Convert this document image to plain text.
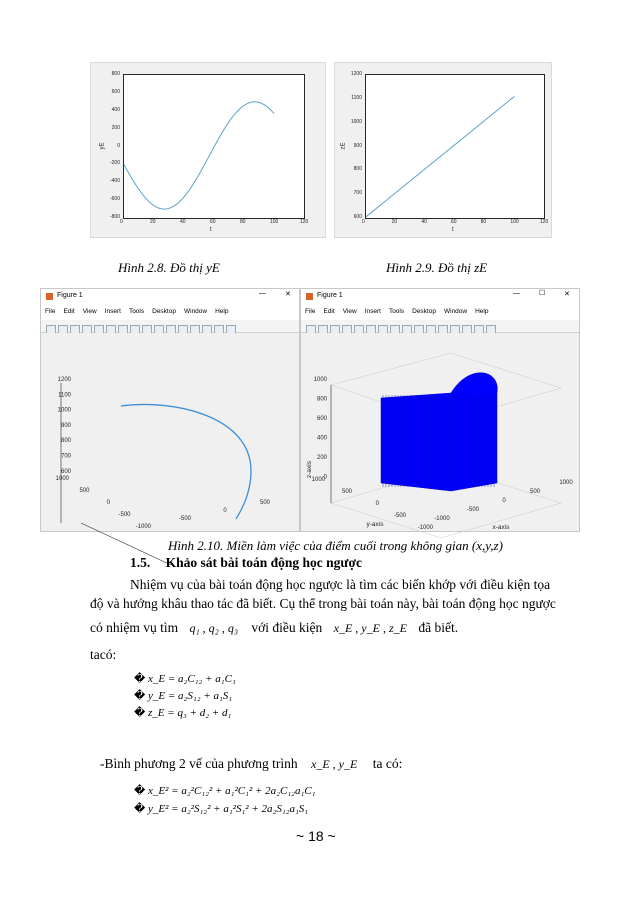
yE
t
800
600
400
200
0
-200
-400
-600
-800
0	20	40	60	80	100	120
zE
t
1200
1100
1000
900
800
700
600
0	20	40	60	80	100	120
Hình 2.8. Đồ thị yE	Hình 2.9. Đồ thị zE
Figure 1	—	✕
File Edit View Insert Tools Desktop Window Help
1200
1100
1000
900
800
700
600
1000
500
0
-500
-1000
-500
0
500
Figure 1	—	☐	✕
File Edit View Insert Tools Desktop Window Help
1000
800
600
400
200
0
z-axis
1000
500
0
-500
-1000
-1000
-500
0
500
1000
y-axis	x-axis
Hình 2.10. Miền làm việc của điểm cuối trong không gian (x,y,z)
1.5. Khảo sát bài toán động học ngược
Nhiệm vụ của bài toán động học ngược là tìm các biến khớp với điều kiện tọa
độ và hướng khâu thao tác đã biết. Cụ thể trong bài toán này, bài toán động học ngược
có nhiệm vụ tìm q₁ , q₂ , q₃ với điều kiện x_E , y_E , z_E đã biết.
tacó:
� x_E = a₂C₁₂ + a₁C₁
� y_E = a₂S₁₂ + a₁S₁
� z_E = q₃ + d₂ + d₁
-Bình phương 2 vế của phương trình x_E , y_E ta có:
� x_E² = a₂²C₁₂² + a₁²C₁² + 2a₂C₁₂a₁C₁
� y_E² = a₂²S₁₂² + a₁²S₁² + 2a₂S₁₂a₁S₁
~ 18 ~
